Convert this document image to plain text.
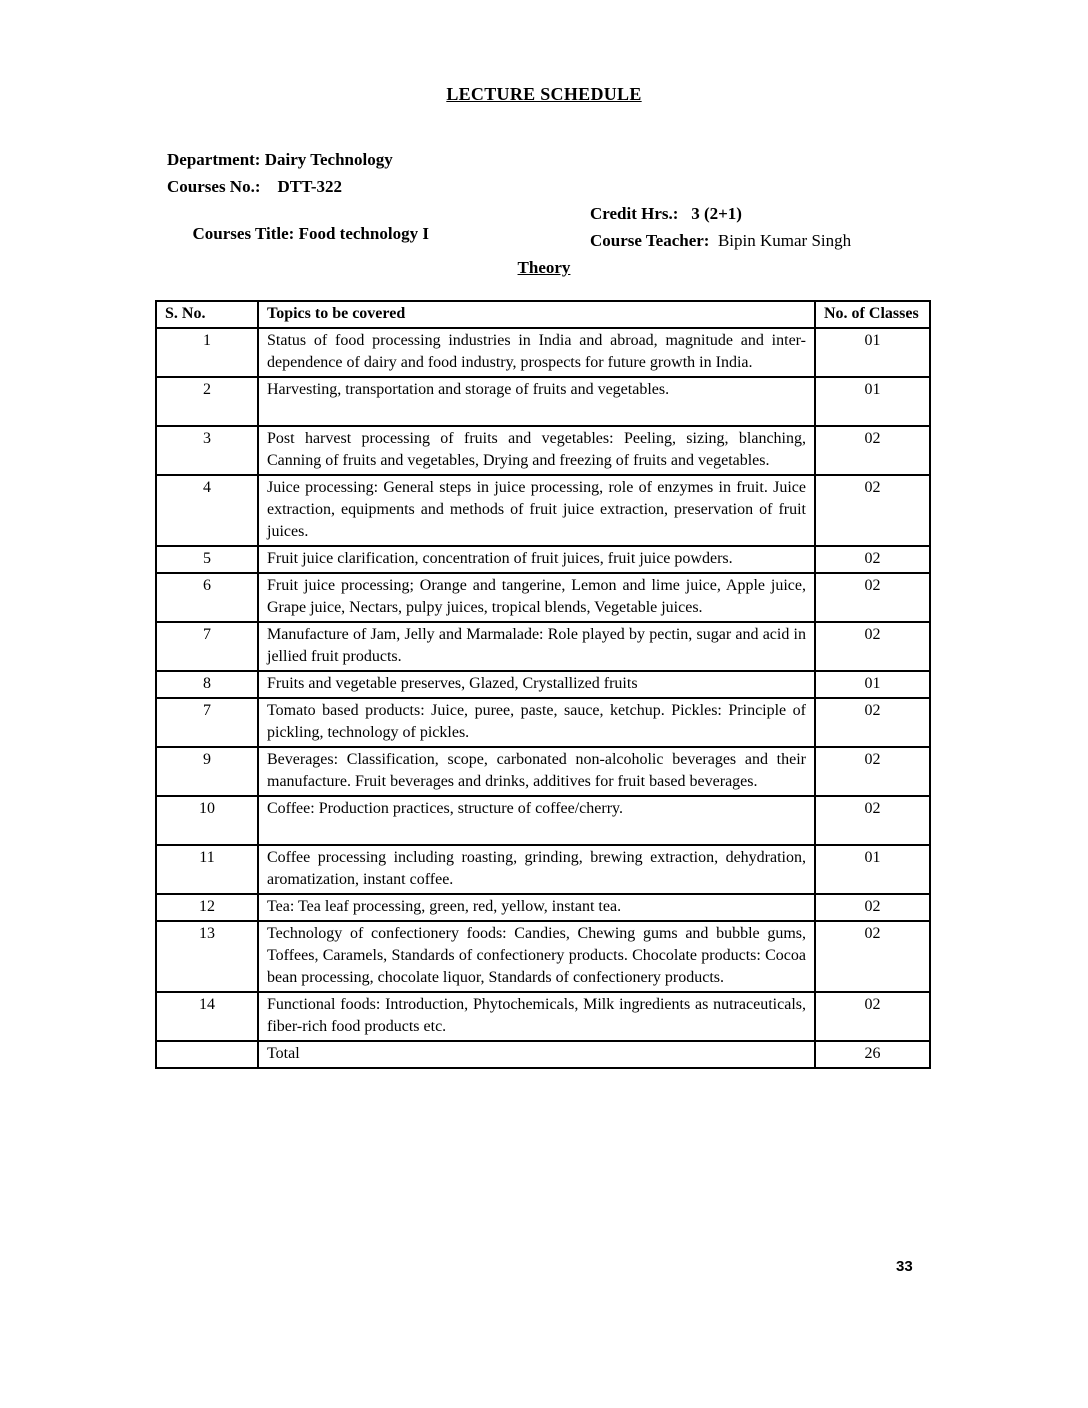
LECTURE SCHEDULE
Department: Dairy Technology
Courses No.:    DTT-322

Courses Title: Food technology I

Credit Hrs.:   3 (2+1)

Course Teacher: Bipin Kumar Singh

Theory
S. No.	Topics to be covered	No. of Classes
1	Status of food processing industries in India and abroad, magnitude and inter- dependence of dairy and food industry, prospects for future growth in India.	01
2	Harvesting, transportation and storage of fruits and vegetables.	01
3	Post harvest processing of fruits and vegetables: Peeling, sizing, blanching, Canning of fruits and vegetables, Drying and freezing of fruits and vegetables.	02
4	Juice processing: General steps in juice processing, role of enzymes in fruit. Juice extraction, equipments and methods of fruit juice extraction, preservation of fruit juices.	02
5	Fruit juice clarification, concentration of fruit juices, fruit juice powders.	02
6	Fruit juice processing; Orange and tangerine, Lemon and lime juice, Apple juice, Grape juice, Nectars, pulpy juices, tropical blends, Vegetable juices.	02
7	Manufacture of Jam, Jelly and Marmalade: Role played by pectin, sugar and acid in jellied fruit products.	02
8	Fruits and vegetable preserves, Glazed, Crystallized fruits	01
7	Tomato based products: Juice, puree, paste, sauce, ketchup. Pickles: Principle of pickling, technology of pickles.	02
9	Beverages: Classification, scope, carbonated non-alcoholic beverages and their manufacture. Fruit beverages and drinks, additives for fruit based beverages.	02
10	Coffee: Production practices, structure of coffee/cherry.	02
11	Coffee processing including roasting, grinding, brewing extraction, dehydration, aromatization, instant coffee.	01
12	Tea: Tea leaf processing, green, red, yellow, instant tea.	02
13	Technology of confectionery foods: Candies, Chewing gums and bubble gums, Toffees, Caramels, Standards of confectionery products. Chocolate products: Cocoa bean processing, chocolate liquor, Standards of confectionery products.	02
14	Functional foods: Introduction, Phytochemicals, Milk ingredients as nutraceuticals, fiber-rich food products etc.	02
	Total	26
33
